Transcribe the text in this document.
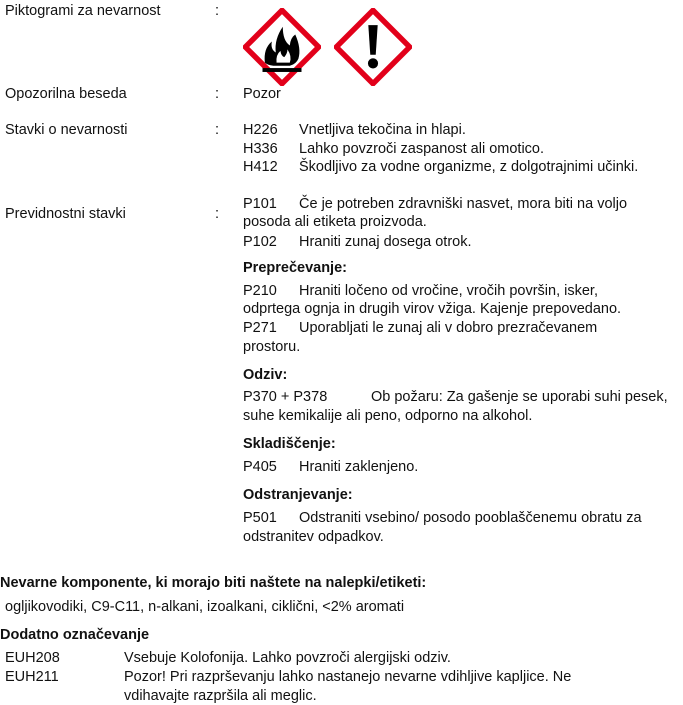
Piktogrami za nevarnost	:
Opozorilna beseda	: Pozor
Stavki o nevarnosti	: H226 Vnetljiva tekočina in hlapi.
H336 Lahko povzroči zaspanost ali omotico.
H412 Škodljivo za vodne organizme, z dolgotrajnimi učinki.
Previdnostni stavki	:
P101 Če je potreben zdravniški nasvet, mora biti na voljo
posoda ali etiketa proizvoda.
P102 Hraniti zunaj dosega otrok.
Preprečevanje:
P210 Hraniti ločeno od vročine, vročih površin, isker,
odprtega ognja in drugih virov vžiga. Kajenje prepovedano.
P271 Uporabljati le zunaj ali v dobro prezračevanem
prostoru.
Odziv:
P370 + P378	Ob požaru: Za gašenje se uporabi suhi pesek,
suhe kemikalije ali peno, odporno na alkohol.
Skladiščenje:
P405 Hraniti zaklenjeno.
Odstranjevanje:
P501 Odstraniti vsebino/ posodo pooblaščenemu obratu za
odstranitev odpadkov.
Nevarne komponente, ki morajo biti naštete na nalepki/etiketi:
ogljikovodiki, C9-C11, n-alkani, izoalkani, ciklični, <2% aromati
Dodatno označevanje
EUH208	Vsebuje Kolofonija. Lahko povzroči alergijski odziv.
EUH211	Pozor! Pri razprševanju lahko nastanejo nevarne vdihljive kapljice. Ne
vdihavajte razpršila ali meglic.
